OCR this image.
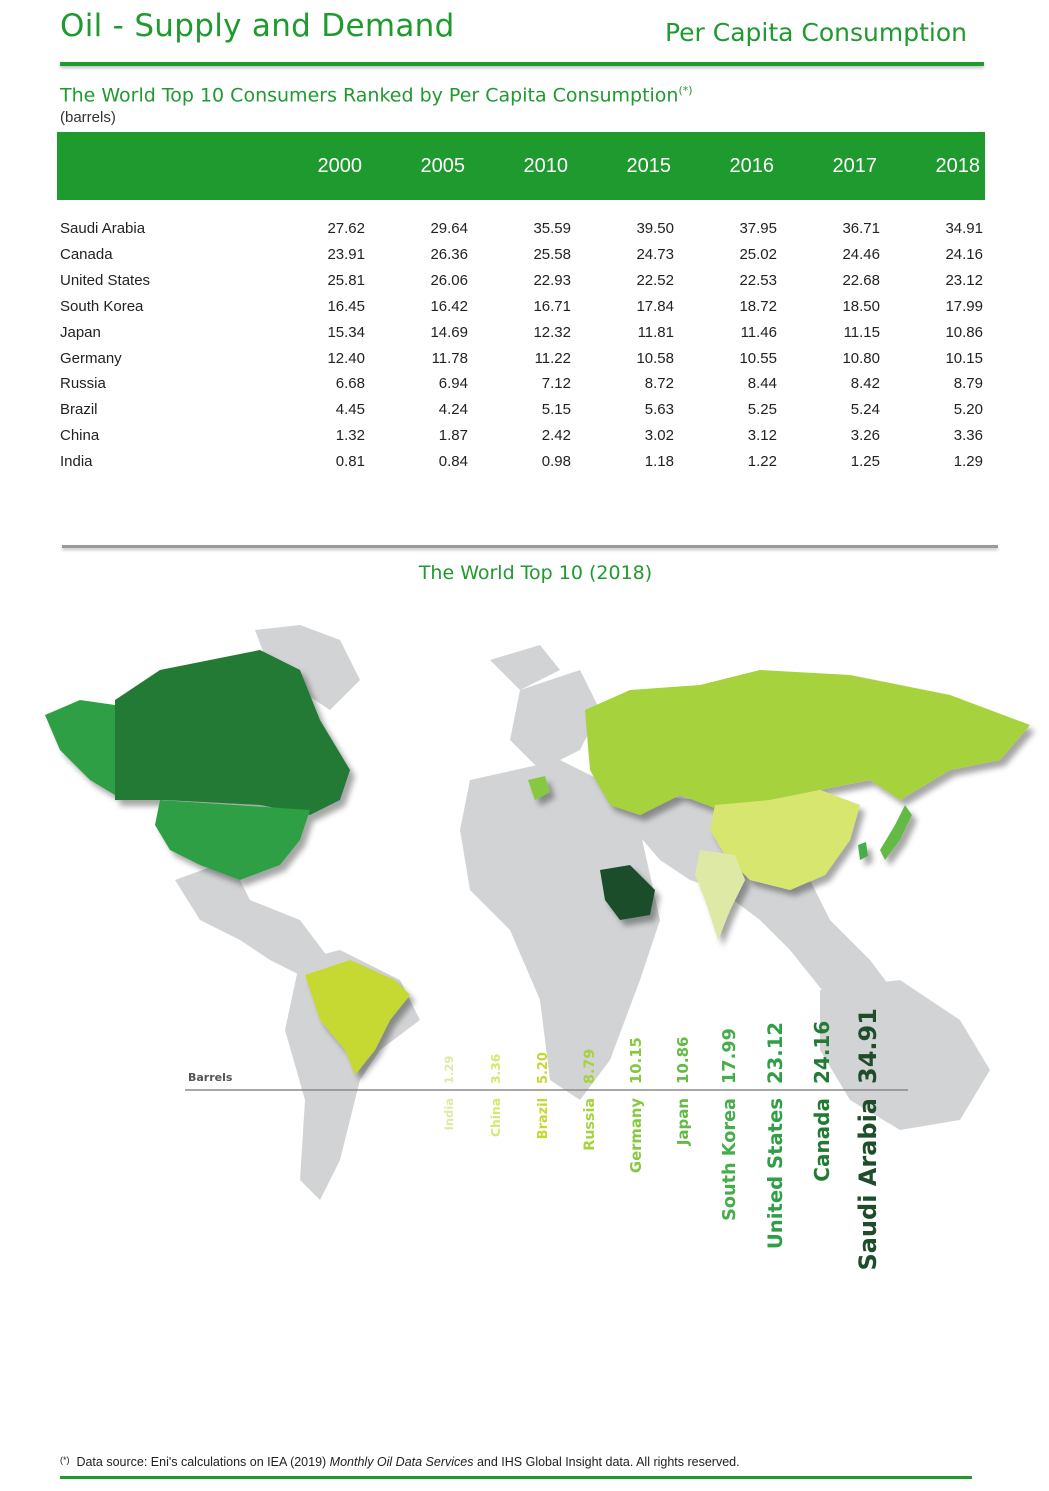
Oil - Supply and Demand	Per Capita Consumption
The World Top 10 Consumers Ranked by Per Capita Consumption(*)
(barrels)
2000	2005	2010	2015	2016	2017	2018
Saudi Arabia	27.62	29.64	35.59	39.50	37.95	36.71	34.91
Canada	23.91	26.36	25.58	24.73	25.02	24.46	24.16
United States	25.81	26.06	22.93	22.52	22.53	22.68	23.12
South Korea	16.45	16.42	16.71	17.84	18.72	18.50	17.99
Japan	15.34	14.69	12.32	11.81	11.46	11.15	10.86
Germany	12.40	11.78	11.22	10.58	10.55	10.80	10.15
Russia	6.68	6.94	7.12	8.72	8.44	8.42	8.79
Brazil	4.45	4.24	5.15	5.63	5.25	5.24	5.20
China	1.32	1.87	2.42	3.02	3.12	3.26	3.36
India	0.81	0.84	0.98	1.18	1.22	1.25	1.29
The World Top 10 (2018)
Barrels	1.29
India
3.36
China
5.20
Brazil
8.79
Russia
10.15
Germany
10.86
Japan
17.99
South Korea
23.12
United States
24.16
Canada
34.91
Saudi Arabia
(*) Data source: Eni's calculations on IEA (2019) Monthly Oil Data Services and IHS Global Insight data. All rights reserved.
